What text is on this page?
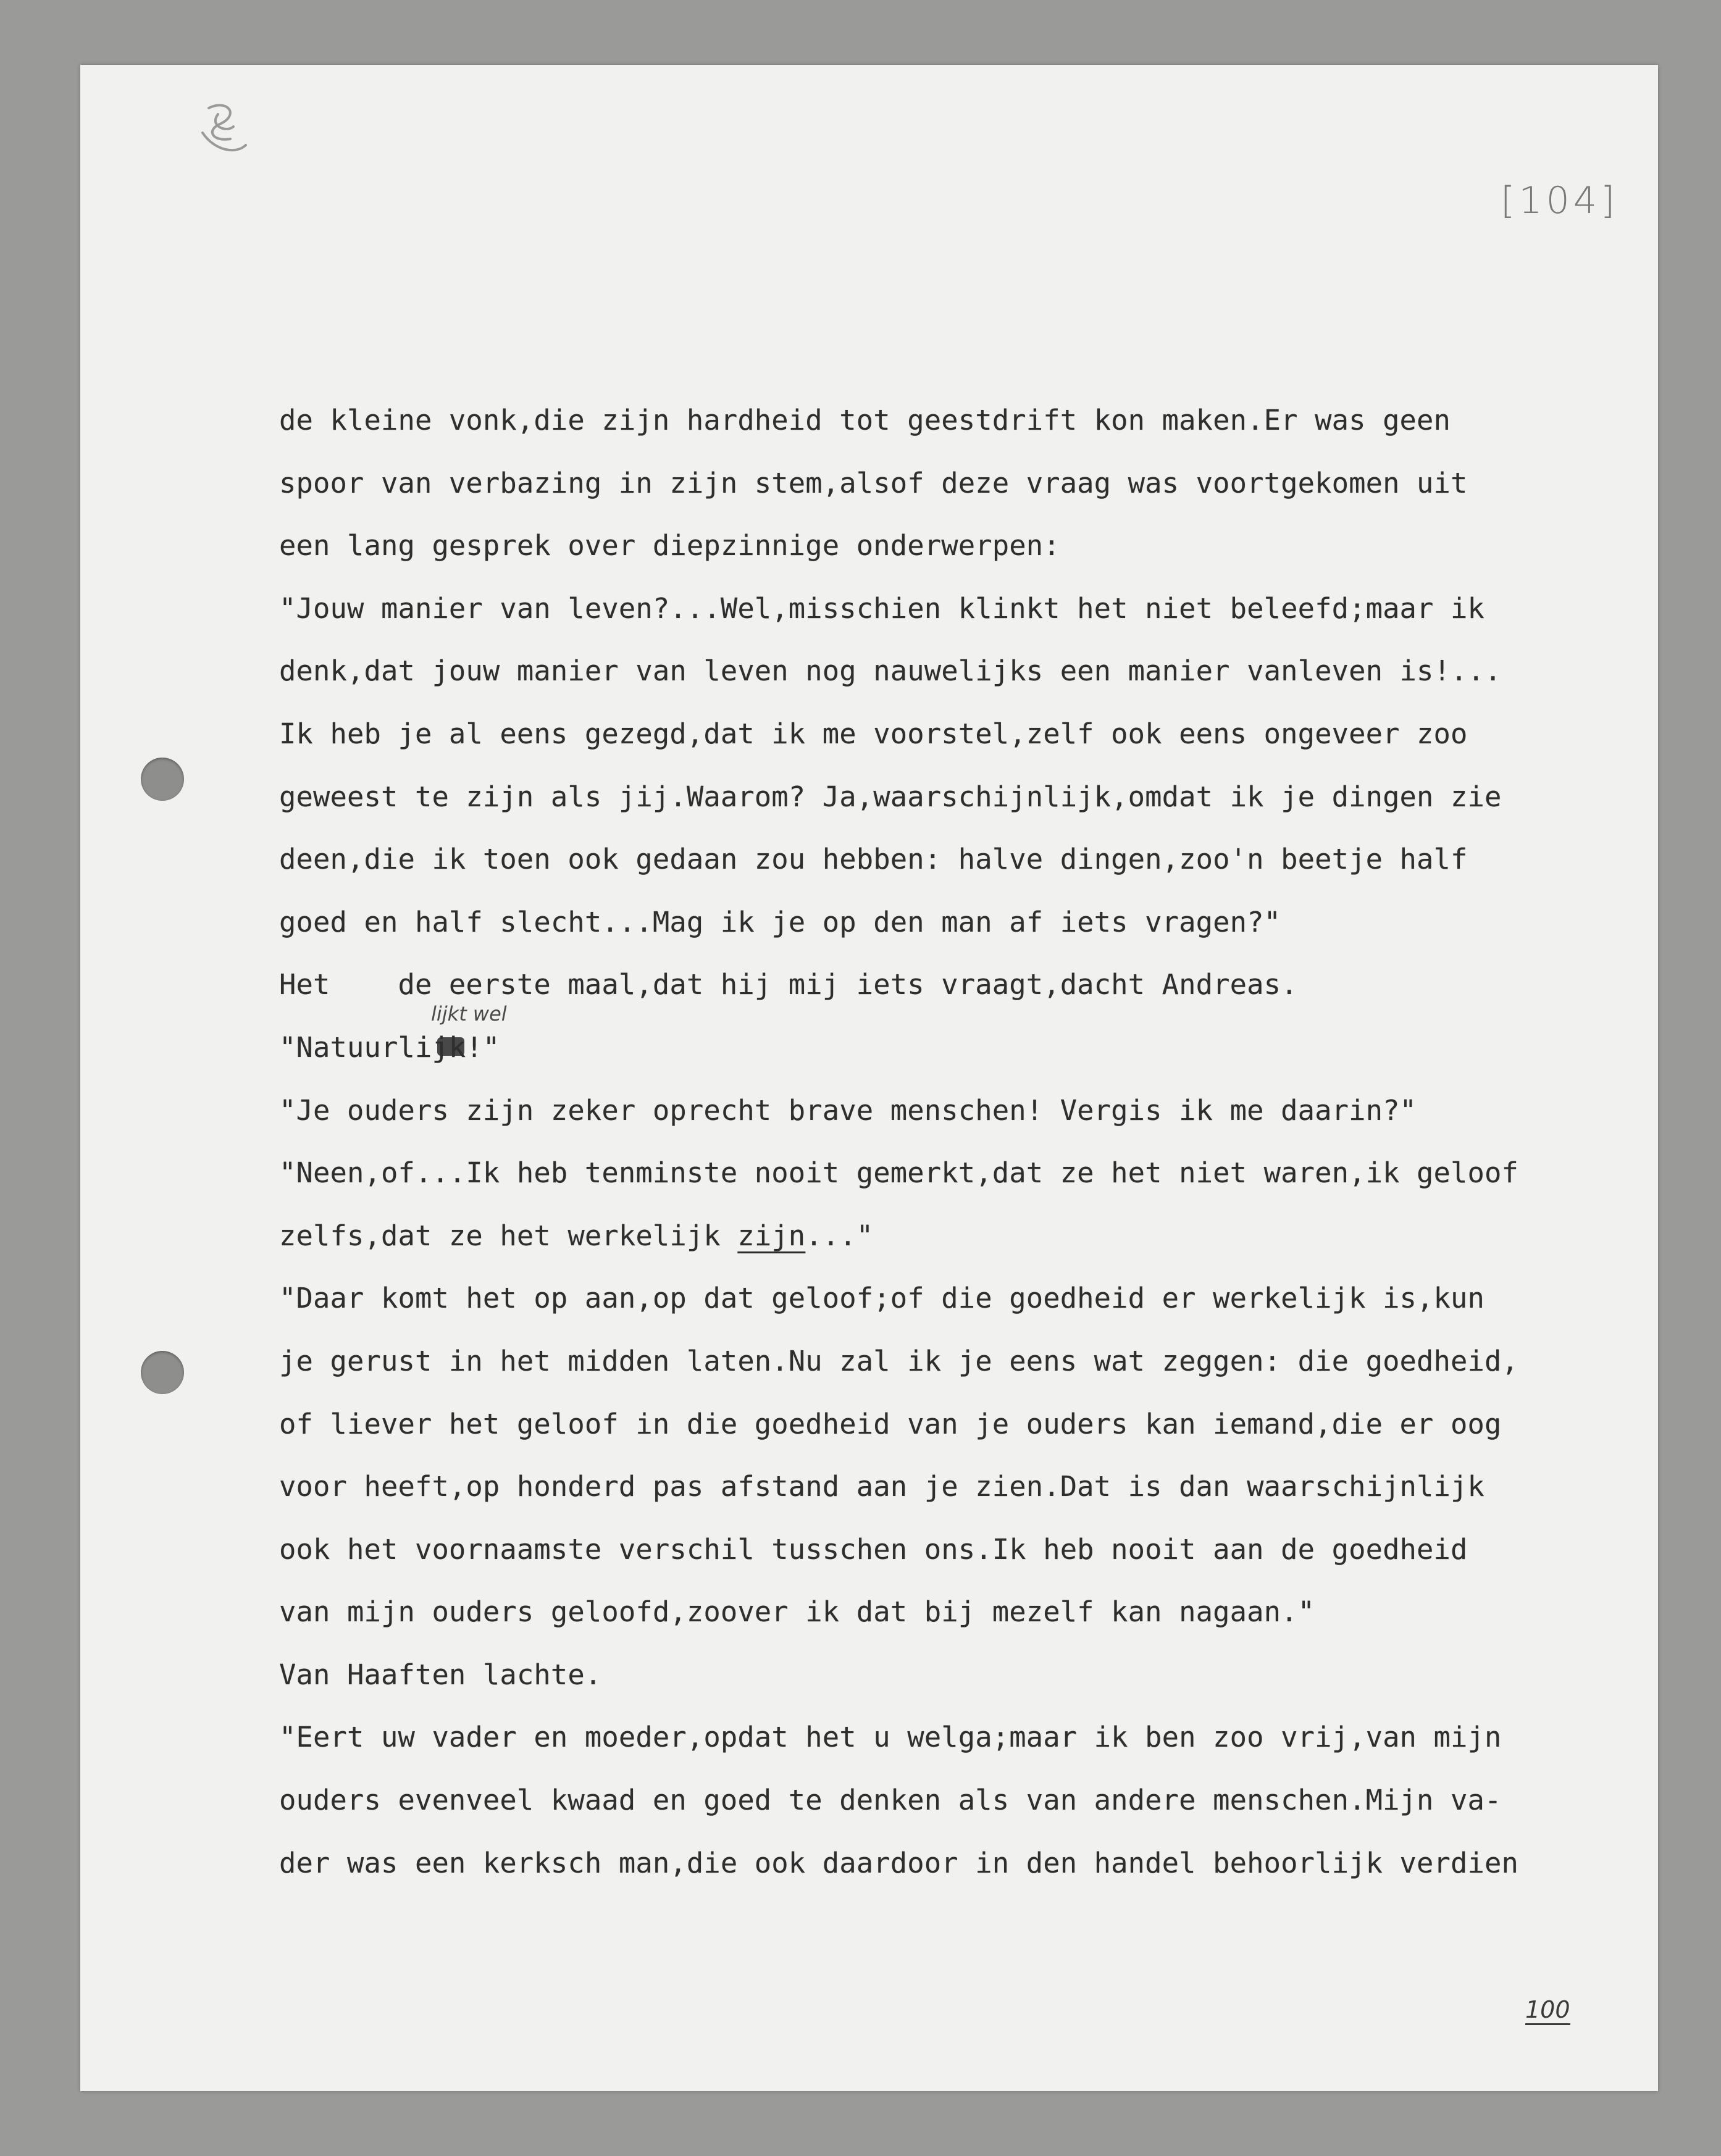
[104]
lijkt wel
de kleine vonk,die zijn hardheid tot geestdrift kon maken.Er was geen
spoor van verbazing in zijn stem,alsof deze vraag was voortgekomen uit
een lang gesprek over diepzinnige onderwerpen:
"Jouw manier van leven?...Wel,misschien klinkt het niet beleefd;maar ik
denk,dat jouw manier van leven nog nauwelijks een manier vanleven is!...
Ik heb je al eens gezegd,dat ik me voorstel,zelf ook eens ongeveer zoo
geweest te zijn als jij.Waarom? Ja,waarschijnlijk,omdat ik je dingen zie
deen,die ik toen ook gedaan zou hebben: halve dingen,zoo'n beetje half
goed en half slecht...Mag ik je op den man af iets vragen?"
Het    de eerste maal,dat hij mij iets vraagt,dacht Andreas.
"Natuurlijk!"
"Je ouders zijn zeker oprecht brave menschen! Vergis ik me daarin?"
"Neen,of...Ik heb tenminste nooit gemerkt,dat ze het niet waren,ik geloof
zelfs,dat ze het werkelijk zijn..."
"Daar komt het op aan,op dat geloof;of die goedheid er werkelijk is,kun
je gerust in het midden laten.Nu zal ik je eens wat zeggen: die goedheid,
of liever het geloof in die goedheid van je ouders kan iemand,die er oog
voor heeft,op honderd pas afstand aan je zien.Dat is dan waarschijnlijk
ook het voornaamste verschil tusschen ons.Ik heb nooit aan de goedheid
van mijn ouders geloofd,zoover ik dat bij mezelf kan nagaan."
Van Haaften lachte.
"Eert uw vader en moeder,opdat het u welga;maar ik ben zoo vrij,van mijn
ouders evenveel kwaad en goed te denken als van andere menschen.Mijn va-
der was een kerksch man,die ook daardoor in den handel behoorlijk verdien
100
